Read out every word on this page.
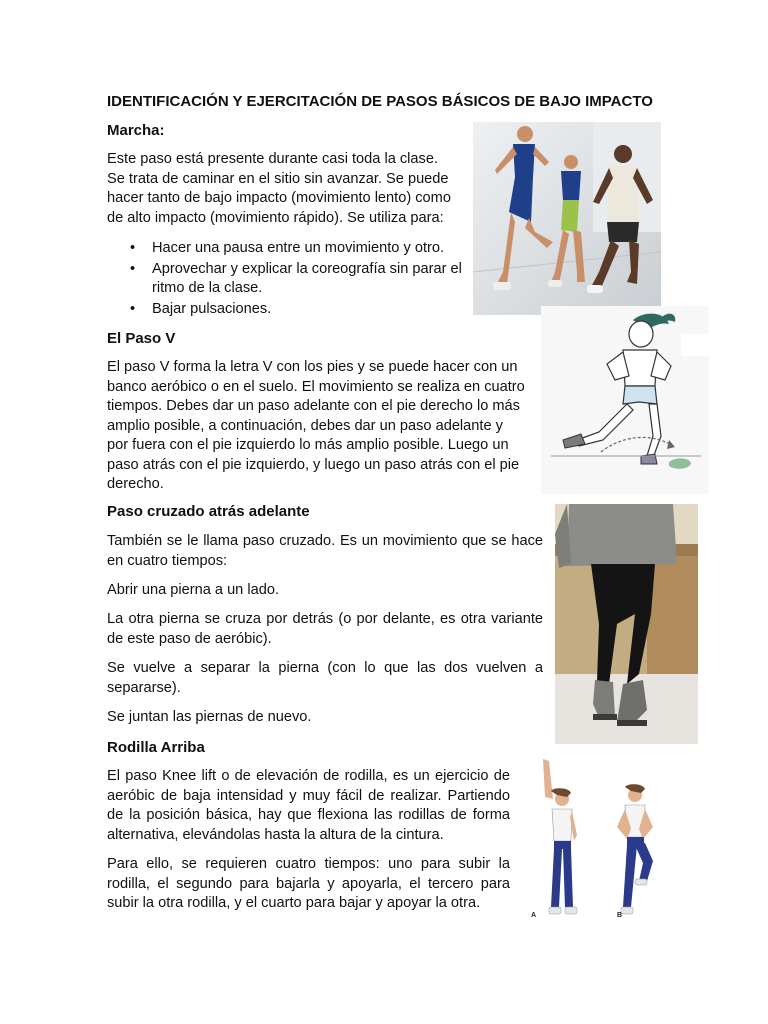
IDENTIFICACIÓN Y EJERCITACIÓN DE PASOS BÁSICOS DE BAJO IMPACTO
Marcha:
Este paso está presente durante casi toda la clase.
Se trata de caminar en el sitio sin avanzar. Se puede
hacer tanto de bajo impacto (movimiento lento) como
de alto impacto (movimiento rápido). Se utiliza para:
• Hacer una pausa entre un movimiento y otro.
• Aprovechar y explicar la coreografía sin parar el ritmo de la clase.
• Bajar pulsaciones.
El Paso V
El paso V forma la letra V con los pies y se puede hacer con un
banco aeróbico o en el suelo. El movimiento se realiza en cuatro
tiempos. Debes dar un paso adelante con el pie derecho lo más
amplio posible, a continuación, debes dar un paso adelante y
por fuera con el pie izquierdo lo más amplio posible. Luego un
paso atrás con el pie izquierdo, y luego un paso atrás con el pie
derecho.
Paso cruzado atrás adelante
También se le llama paso cruzado. Es un movimiento que se hace en cuatro tiempos:
Abrir una pierna a un lado.
La otra pierna se cruza por detrás (o por delante, es otra variante de este paso de aeróbic).
Se vuelve a separar la pierna (con lo que las dos vuelven a separarse).
Se juntan las piernas de nuevo.
Rodilla Arriba
El paso Knee lift o de elevación de rodilla, es un ejercicio de aeróbic de baja intensidad y muy fácil de realizar. Partiendo de la posición básica, hay que flexiona las rodillas de forma alternativa, elevándolas hasta la altura de la cintura.
Para ello, se requieren cuatro tiempos: uno para subir la rodilla, el segundo para bajarla y apoyarla, el tercero para subir la otra rodilla, y el cuarto para bajar y apoyar la otra.
A	B
